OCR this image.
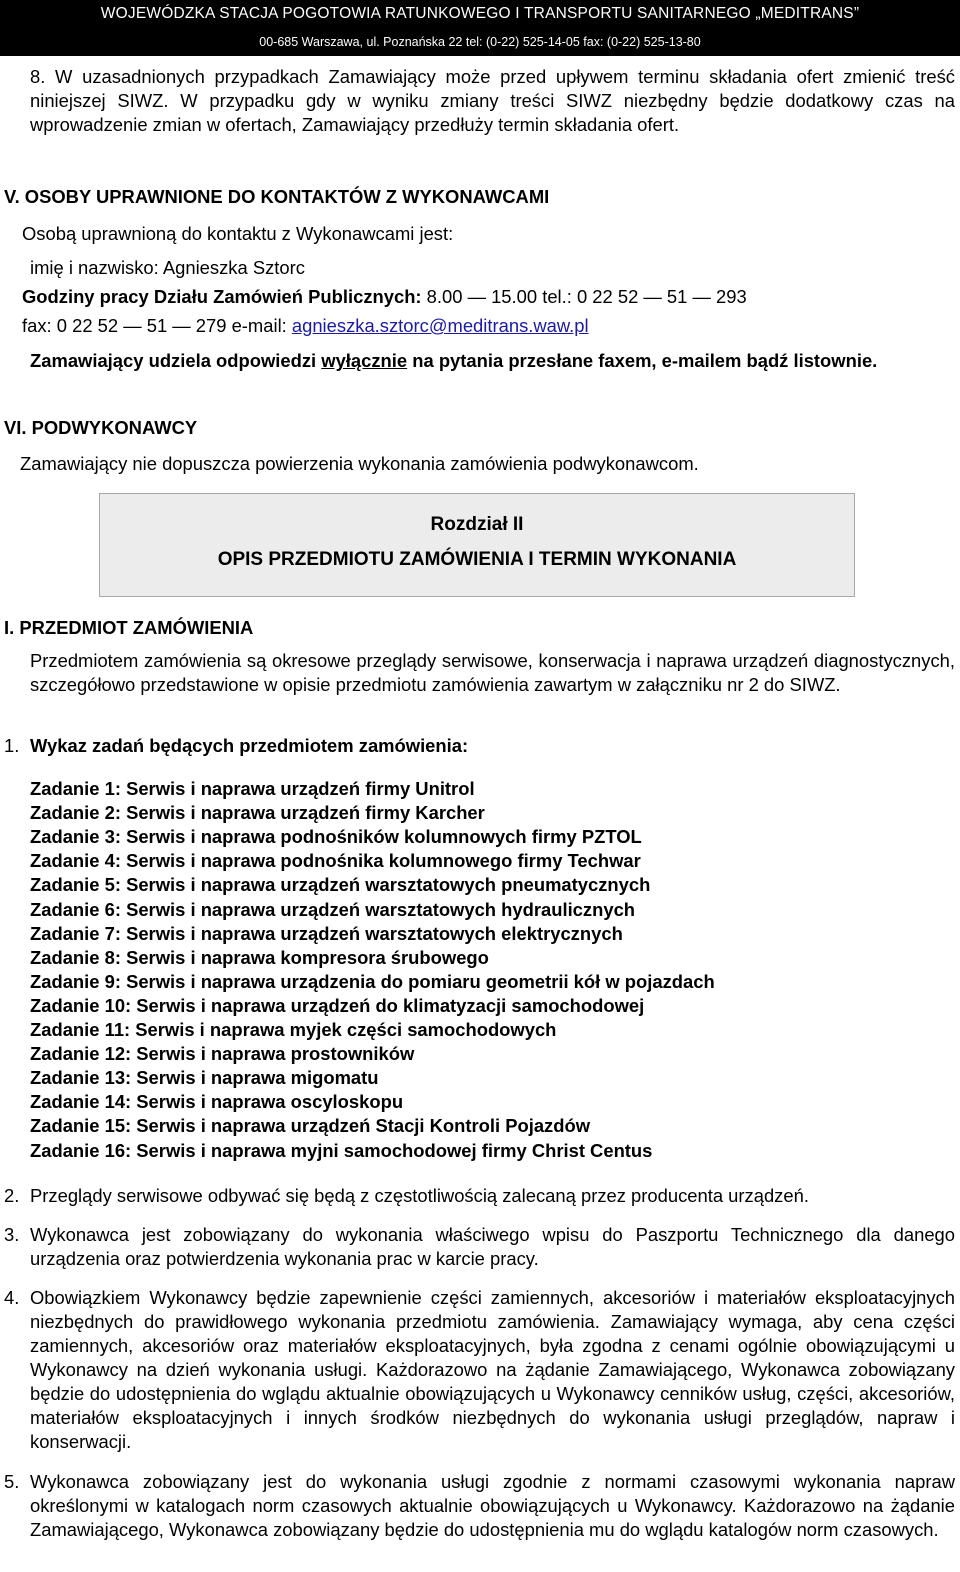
WOJEWÓDZKA STACJA POGOTOWIA RATUNKOWEGO I TRANSPORTU SANITARNEGO „MEDITRANS”
00-685 Warszawa, ul. Poznańska 22 tel: (0-22) 525-14-05 fax: (0-22) 525-13-80
8. W uzasadnionych przypadkach Zamawiający może przed upływem terminu składania ofert zmienić treść niniejszej SIWZ. W przypadku gdy w wyniku zmiany treści SIWZ niezbędny będzie dodatkowy czas na wprowadzenie zmian w ofertach, Zamawiający przedłuży termin składania ofert.
V. OSOBY UPRAWNIONE DO KONTAKTÓW Z WYKONAWCAMI
Osobą uprawnioną do kontaktu z Wykonawcami jest:
imię i nazwisko: Agnieszka Sztorc
Godziny pracy Działu Zamówień Publicznych: 8.00 — 15.00 tel.: 0 22 52 — 51 — 293
fax: 0 22 52 — 51 — 279 e-mail: agnieszka.sztorc@meditrans.waw.pl
Zamawiający udziela odpowiedzi wyłącznie na pytania przesłane faxem, e-mailem bądź listownie.
VI. PODWYKONAWCY
Zamawiający nie dopuszcza powierzenia wykonania zamówienia podwykonawcom.
Rozdział II
OPIS PRZEDMIOTU ZAMÓWIENIA I TERMIN WYKONANIA
I. PRZEDMIOT ZAMÓWIENIA
Przedmiotem zamówienia są okresowe przeglądy serwisowe, konserwacja i naprawa urządzeń diagnostycznych, szczegółowo przedstawione w opisie przedmiotu zamówienia zawartym w załączniku nr 2 do SIWZ.
1. Wykaz zadań będących przedmiotem zamówienia:
Zadanie 1: Serwis i naprawa urządzeń firmy Unitrol
Zadanie 2: Serwis i naprawa urządzeń firmy Karcher
Zadanie 3: Serwis i naprawa podnośników kolumnowych firmy PZTOL
Zadanie 4: Serwis i naprawa podnośnika kolumnowego firmy Techwar
Zadanie 5: Serwis i naprawa urządzeń warsztatowych pneumatycznych
Zadanie 6: Serwis i naprawa urządzeń warsztatowych hydraulicznych
Zadanie 7: Serwis i naprawa urządzeń warsztatowych elektrycznych
Zadanie 8: Serwis i naprawa kompresora śrubowego
Zadanie 9: Serwis i naprawa urządzenia do pomiaru geometrii kół w pojazdach
Zadanie 10: Serwis i naprawa urządzeń do klimatyzacji samochodowej
Zadanie 11: Serwis i naprawa myjek części samochodowych
Zadanie 12: Serwis i naprawa prostowników
Zadanie 13: Serwis i naprawa migomatu
Zadanie 14: Serwis i naprawa oscyloskopu
Zadanie 15: Serwis i naprawa urządzeń Stacji Kontroli Pojazdów
Zadanie 16: Serwis i naprawa myjni samochodowej firmy Christ Centus
2. Przeglądy serwisowe odbywać się będą z częstotliwością zalecaną przez producenta urządzeń.
3. Wykonawca jest zobowiązany do wykonania właściwego wpisu do Paszportu Technicznego dla danego urządzenia oraz potwierdzenia wykonania prac w karcie pracy.
4. Obowiązkiem Wykonawcy będzie zapewnienie części zamiennych, akcesoriów i materiałów eksploatacyjnych niezbędnych do prawidłowego wykonania przedmiotu zamówienia. Zamawiający wymaga, aby cena części zamiennych, akcesoriów oraz materiałów eksploatacyjnych, była zgodna z cenami ogólnie obowiązującymi u Wykonawcy na dzień wykonania usługi. Każdorazowo na żądanie Zamawiającego, Wykonawca zobowiązany będzie do udostępnienia do wglądu aktualnie obowiązujących u Wykonawcy cenników usług, części, akcesoriów, materiałów eksploatacyjnych i innych środków niezbędnych do wykonania usługi przeglądów, napraw i konserwacji.
5. Wykonawca zobowiązany jest do wykonania usługi zgodnie z normami czasowymi wykonania napraw określonymi w katalogach norm czasowych aktualnie obowiązujących u Wykonawcy. Każdorazowo na żądanie Zamawiającego, Wykonawca zobowiązany będzie do udostępnienia mu do wglądu katalogów norm czasowych.
